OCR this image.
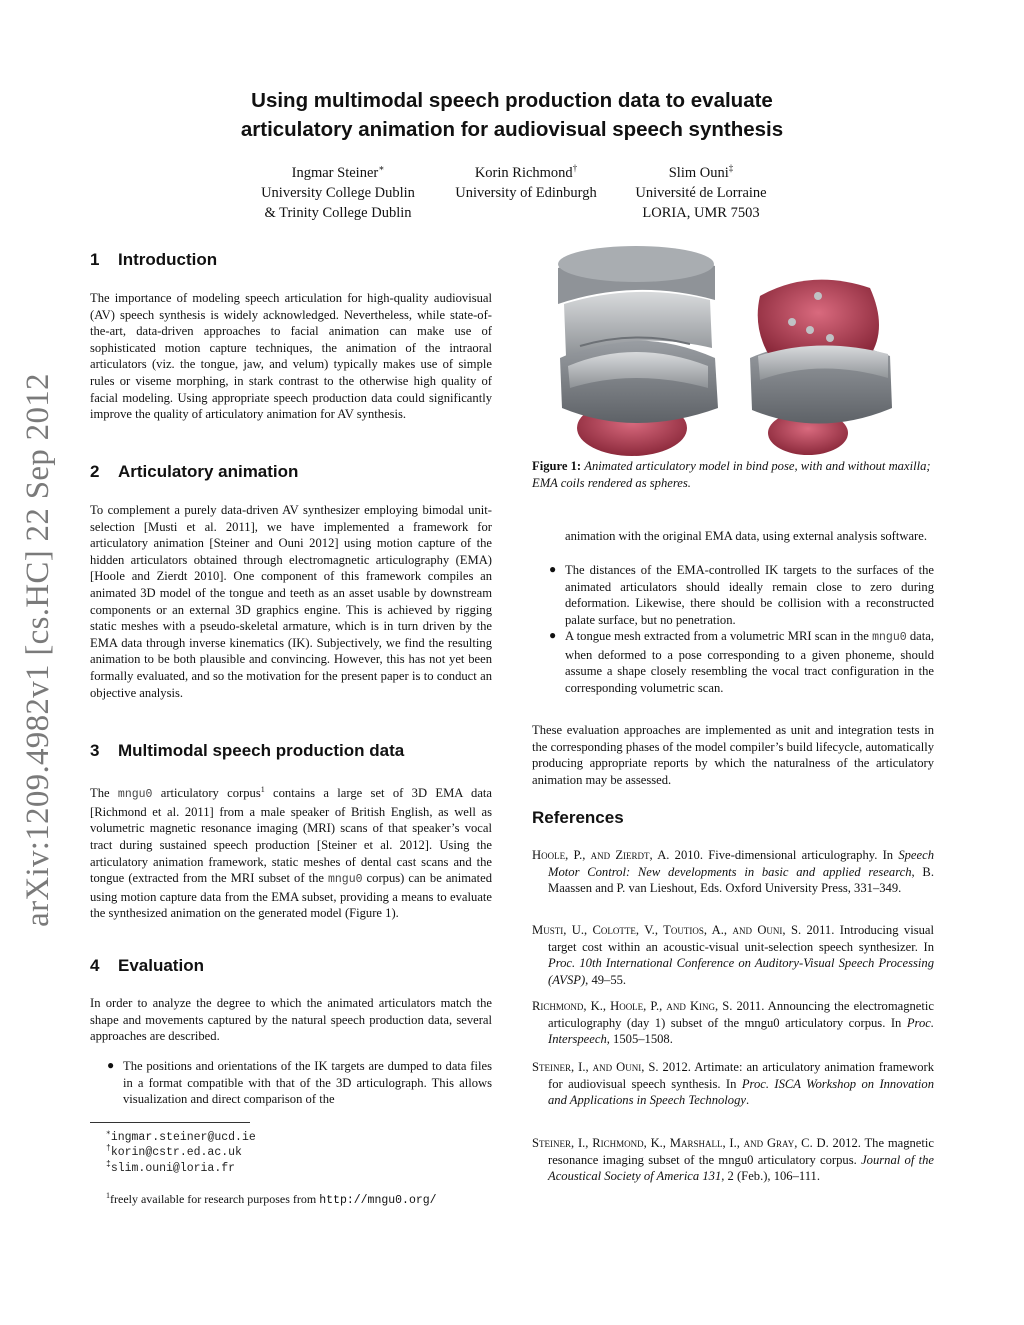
arXiv:1209.4982v1 [cs.HC] 22 Sep 2012
Using multimodal speech production data to evaluate
articulatory animation for audiovisual speech synthesis
Ingmar Steiner∗
University College Dublin
& Trinity College Dublin
Korin Richmond†
University of Edinburgh
Slim Ouni‡
Université de Lorraine
LORIA, UMR 7503
1 Introduction
The importance of modeling speech articulation for high-quality audiovisual (AV) speech synthesis is widely acknowledged. Nevertheless, while state-of-the-art, data-driven approaches to facial animation can make use of sophisticated motion capture techniques, the animation of the intraoral articulators (viz. the tongue, jaw, and velum) typically makes use of simple rules or viseme morphing, in stark contrast to the otherwise high quality of facial modeling. Using appropriate speech production data could significantly improve the quality of articulatory animation for AV synthesis.
2 Articulatory animation
To complement a purely data-driven AV synthesizer employing bimodal unit-selection [Musti et al. 2011], we have implemented a framework for articulatory animation [Steiner and Ouni 2012] using motion capture of the hidden articulators obtained through electromagnetic articulography (EMA) [Hoole and Zierdt 2010]. One component of this framework compiles an animated 3D model of the tongue and teeth as an asset usable by downstream components or an external 3D graphics engine. This is achieved by rigging static meshes with a pseudo-skeletal armature, which is in turn driven by the EMA data through inverse kinematics (IK). Subjectively, we find the resulting animation to be both plausible and convincing. However, this has not yet been formally evaluated, and so the motivation for the present paper is to conduct an objective analysis.
3 Multimodal speech production data
The mngu0 articulatory corpus$^1$ contains a large set of 3D EMA data [Richmond et al. 2011] from a male speaker of British English, as well as volumetric magnetic resonance imaging (MRI) scans of that speaker’s vocal tract during sustained speech production [Steiner et al. 2012]. Using the articulatory animation framework, static meshes of dental cast scans and the tongue (extracted from the MRI subset of the mngu0 corpus) can be animated using motion capture data from the EMA subset, providing a means to evaluate the synthesized animation on the generated model (Figure 1).
4 Evaluation
In order to analyze the degree to which the animated articulators match the shape and movements captured by the natural speech production data, several approaches are described.
● The positions and orientations of the IK targets are dumped to data files in a format compatible with that of the 3D articulograph. This allows visualization and direct comparison of the
∗ingmar.steiner@ucd.ie
†korin@cstr.ed.ac.uk
‡slim.ouni@loria.fr
$^1$freely available for research purposes from http://mngu0.org/
Figure 1: Animated articulatory model in bind pose, with and without maxilla; EMA coils rendered as spheres.
animation with the original EMA data, using external analysis software.
● The distances of the EMA-controlled IK targets to the surfaces of the animated articulators should ideally remain close to zero during deformation. Likewise, there should be collision with a reconstructed palate surface, but no penetration.
● A tongue mesh extracted from a volumetric MRI scan in the mngu0 data, when deformed to a pose corresponding to a given phoneme, should assume a shape closely resembling the vocal tract configuration in the corresponding volumetric scan.
These evaluation approaches are implemented as unit and integration tests in the corresponding phases of the model compiler’s build lifecycle, automatically producing appropriate reports by which the naturalness of the articulatory animation may be assessed.
References
Hoole, P., and Zierdt, A. 2010. Five-dimensional articulography. In Speech Motor Control: New developments in basic and applied research, B. Maassen and P. van Lieshout, Eds. Oxford University Press, 331–349.
Musti, U., Colotte, V., Toutios, A., and Ouni, S. 2011. Introducing visual target cost within an acoustic-visual unit-selection speech synthesizer. In Proc. 10th International Conference on Auditory-Visual Speech Processing (AVSP), 49–55.
Richmond, K., Hoole, P., and King, S. 2011. Announcing the electromagnetic articulography (day 1) subset of the mngu0 articulatory corpus. In Proc. Interspeech, 1505–1508.
Steiner, I., and Ouni, S. 2012. Artimate: an articulatory animation framework for audiovisual speech synthesis. In Proc. ISCA Workshop on Innovation and Applications in Speech Technology.
Steiner, I., Richmond, K., Marshall, I., and Gray, C. D. 2012. The magnetic resonance imaging subset of the mngu0 articulatory corpus. Journal of the Acoustical Society of America 131, 2 (Feb.), 106–111.
